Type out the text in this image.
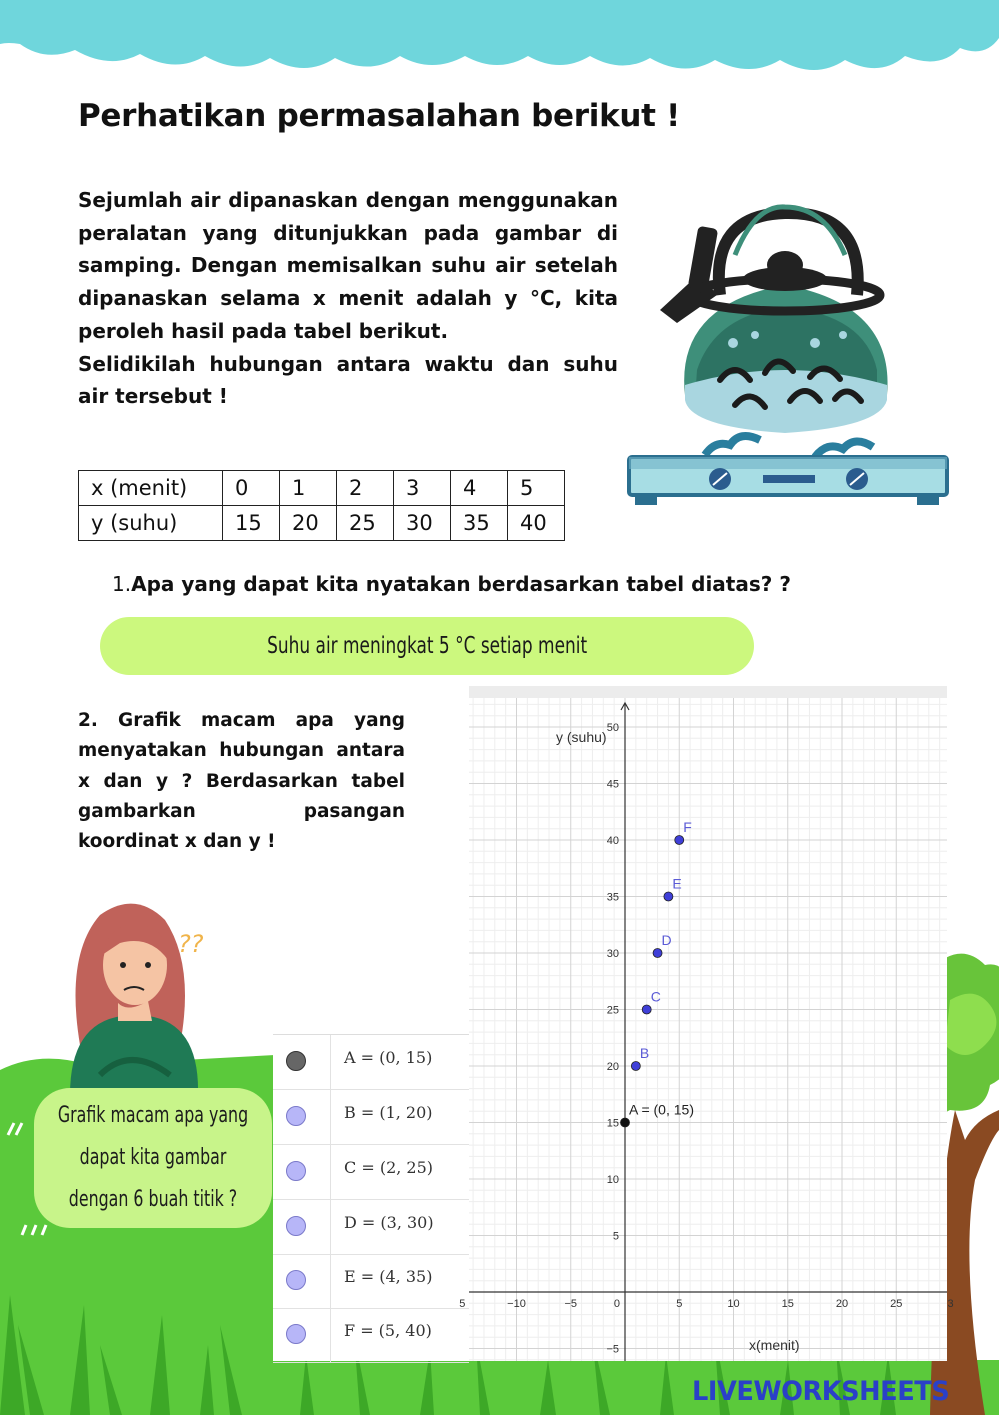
Perhatikan permasalahan berikut !

Sejumlah air dipanaskan dengan menggunakan peralatan yang ditunjukkan pada gambar di samping. Dengan memisalkan suhu air setelah dipanaskan selama x menit adalah y °C, kita peroleh hasil pada tabel berikut.

Selidikilah hubungan antara waktu dan suhu air tersebut !

x (menit)	0	1	2	3	4	5
y (suhu)	15	20	25	30	35	40
1.Apa yang dapat kita nyatakan berdasarkan tabel diatas? ?
Suhu air meningkat 5 °C setiap menit
2. Grafik macam apa yang menyatakan hubungan antara x dan y ? Berdasarkan tabel gambarkan pasangan koordinat x dan y !
??
Grafik macam apa yang dapat kita gambar dengan 6 buah titik ?
A = (0, 15)
B = (1, 20)
C = (2, 25)
D = (3, 30)
E = (4, 35)
F = (5, 40)
5	−10	−5	0	5	10	15	20	25	3
−5
5
10
15
20
25
30
35
40
45
50
A = (0, 15)
B
C
D
E
F
x(menit)
y (suhu)
LIVEWORKSHEETS
